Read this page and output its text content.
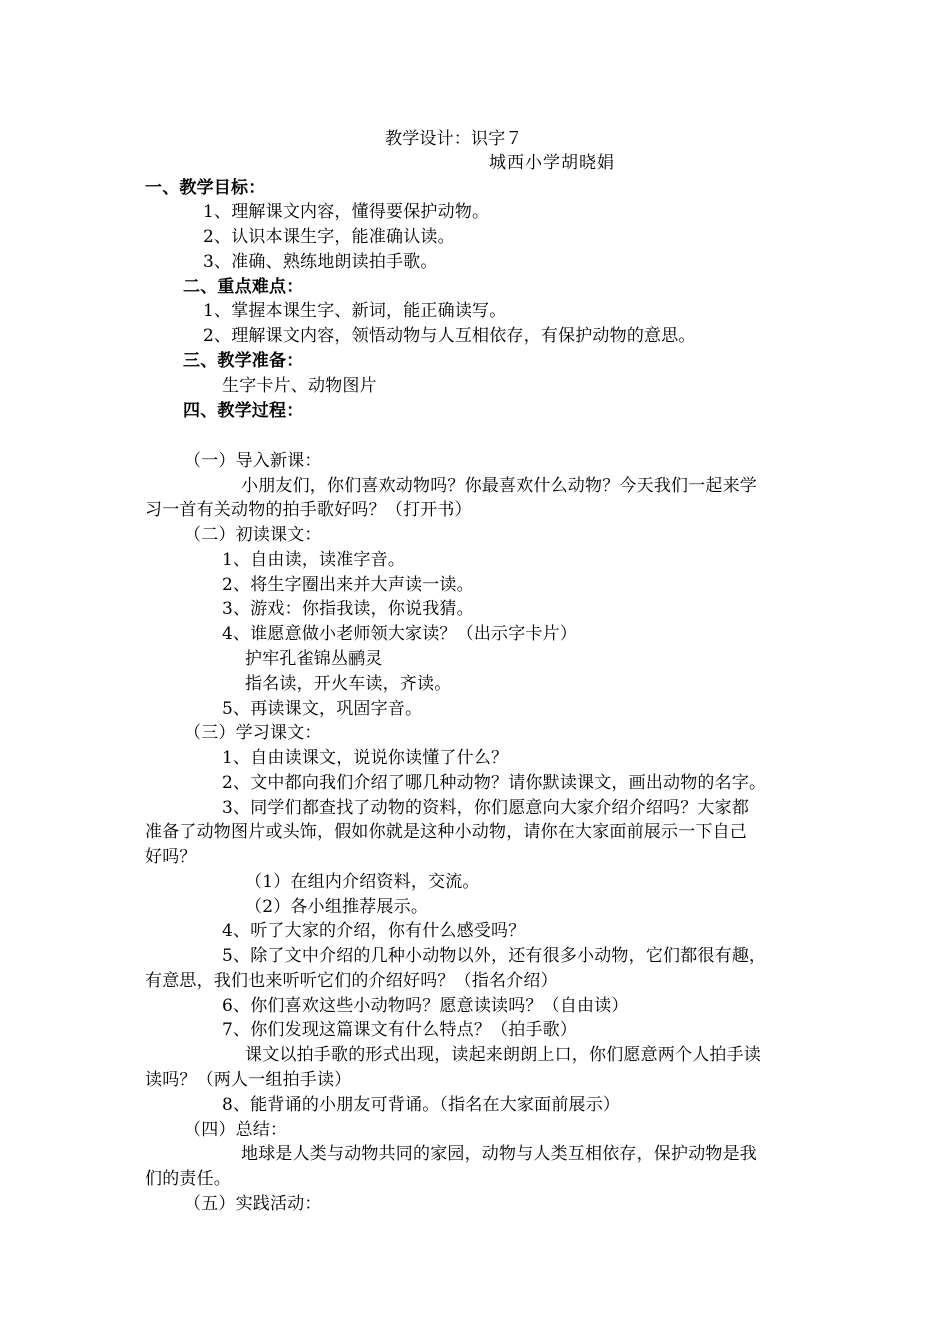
教学设计：识字７
城西小学胡晓娟
一、教学目标：
1、理解课文内容，懂得要保护动物。
2、认识本课生字，能准确认读。
3、准确、熟练地朗读拍手歌。
二、重点难点：
1、掌握本课生字、新词，能正确读写。
2、理解课文内容，领悟动物与人互相依存，有保护动物的意思。
三、教学准备：
生字卡片、动物图片
四、教学过程：
（一）导入新课：
小朋友们，你们喜欢动物吗？你最喜欢什么动物？今天我们一起来学
习一首有关动物的拍手歌好吗？（打开书）
（二）初读课文：
1、自由读，读准字音。
2、将生字圈出来并大声读一读。
3、游戏：你指我读，你说我猜。
4、谁愿意做小老师领大家读？（出示字卡片）
护牢孔雀锦丛鹂灵
指名读，开火车读，齐读。
5、再读课文，巩固字音。
（三）学习课文：
1、自由读课文，说说你读懂了什么？
2、文中都向我们介绍了哪几种动物？请你默读课文，画出动物的名字。
3、同学们都查找了动物的资料，你们愿意向大家介绍介绍吗？大家都
准备了动物图片或头饰，假如你就是这种小动物，请你在大家面前展示一下自己
好吗？
（1）在组内介绍资料，交流。
（2）各小组推荐展示。
4、听了大家的介绍，你有什么感受吗？
5、除了文中介绍的几种小动物以外，还有很多小动物，它们都很有趣，
有意思，我们也来听听它们的介绍好吗？（指名介绍）
6、你们喜欢这些小动物吗？愿意读读吗？（自由读）
7、你们发现这篇课文有什么特点？（拍手歌）
课文以拍手歌的形式出现，读起来朗朗上口，你们愿意两个人拍手读
读吗？（两人一组拍手读）
8、能背诵的小朋友可背诵。（指名在大家面前展示）
（四）总结：
地球是人类与动物共同的家园，动物与人类互相依存，保护动物是我
们的责任。
（五）实践活动：
